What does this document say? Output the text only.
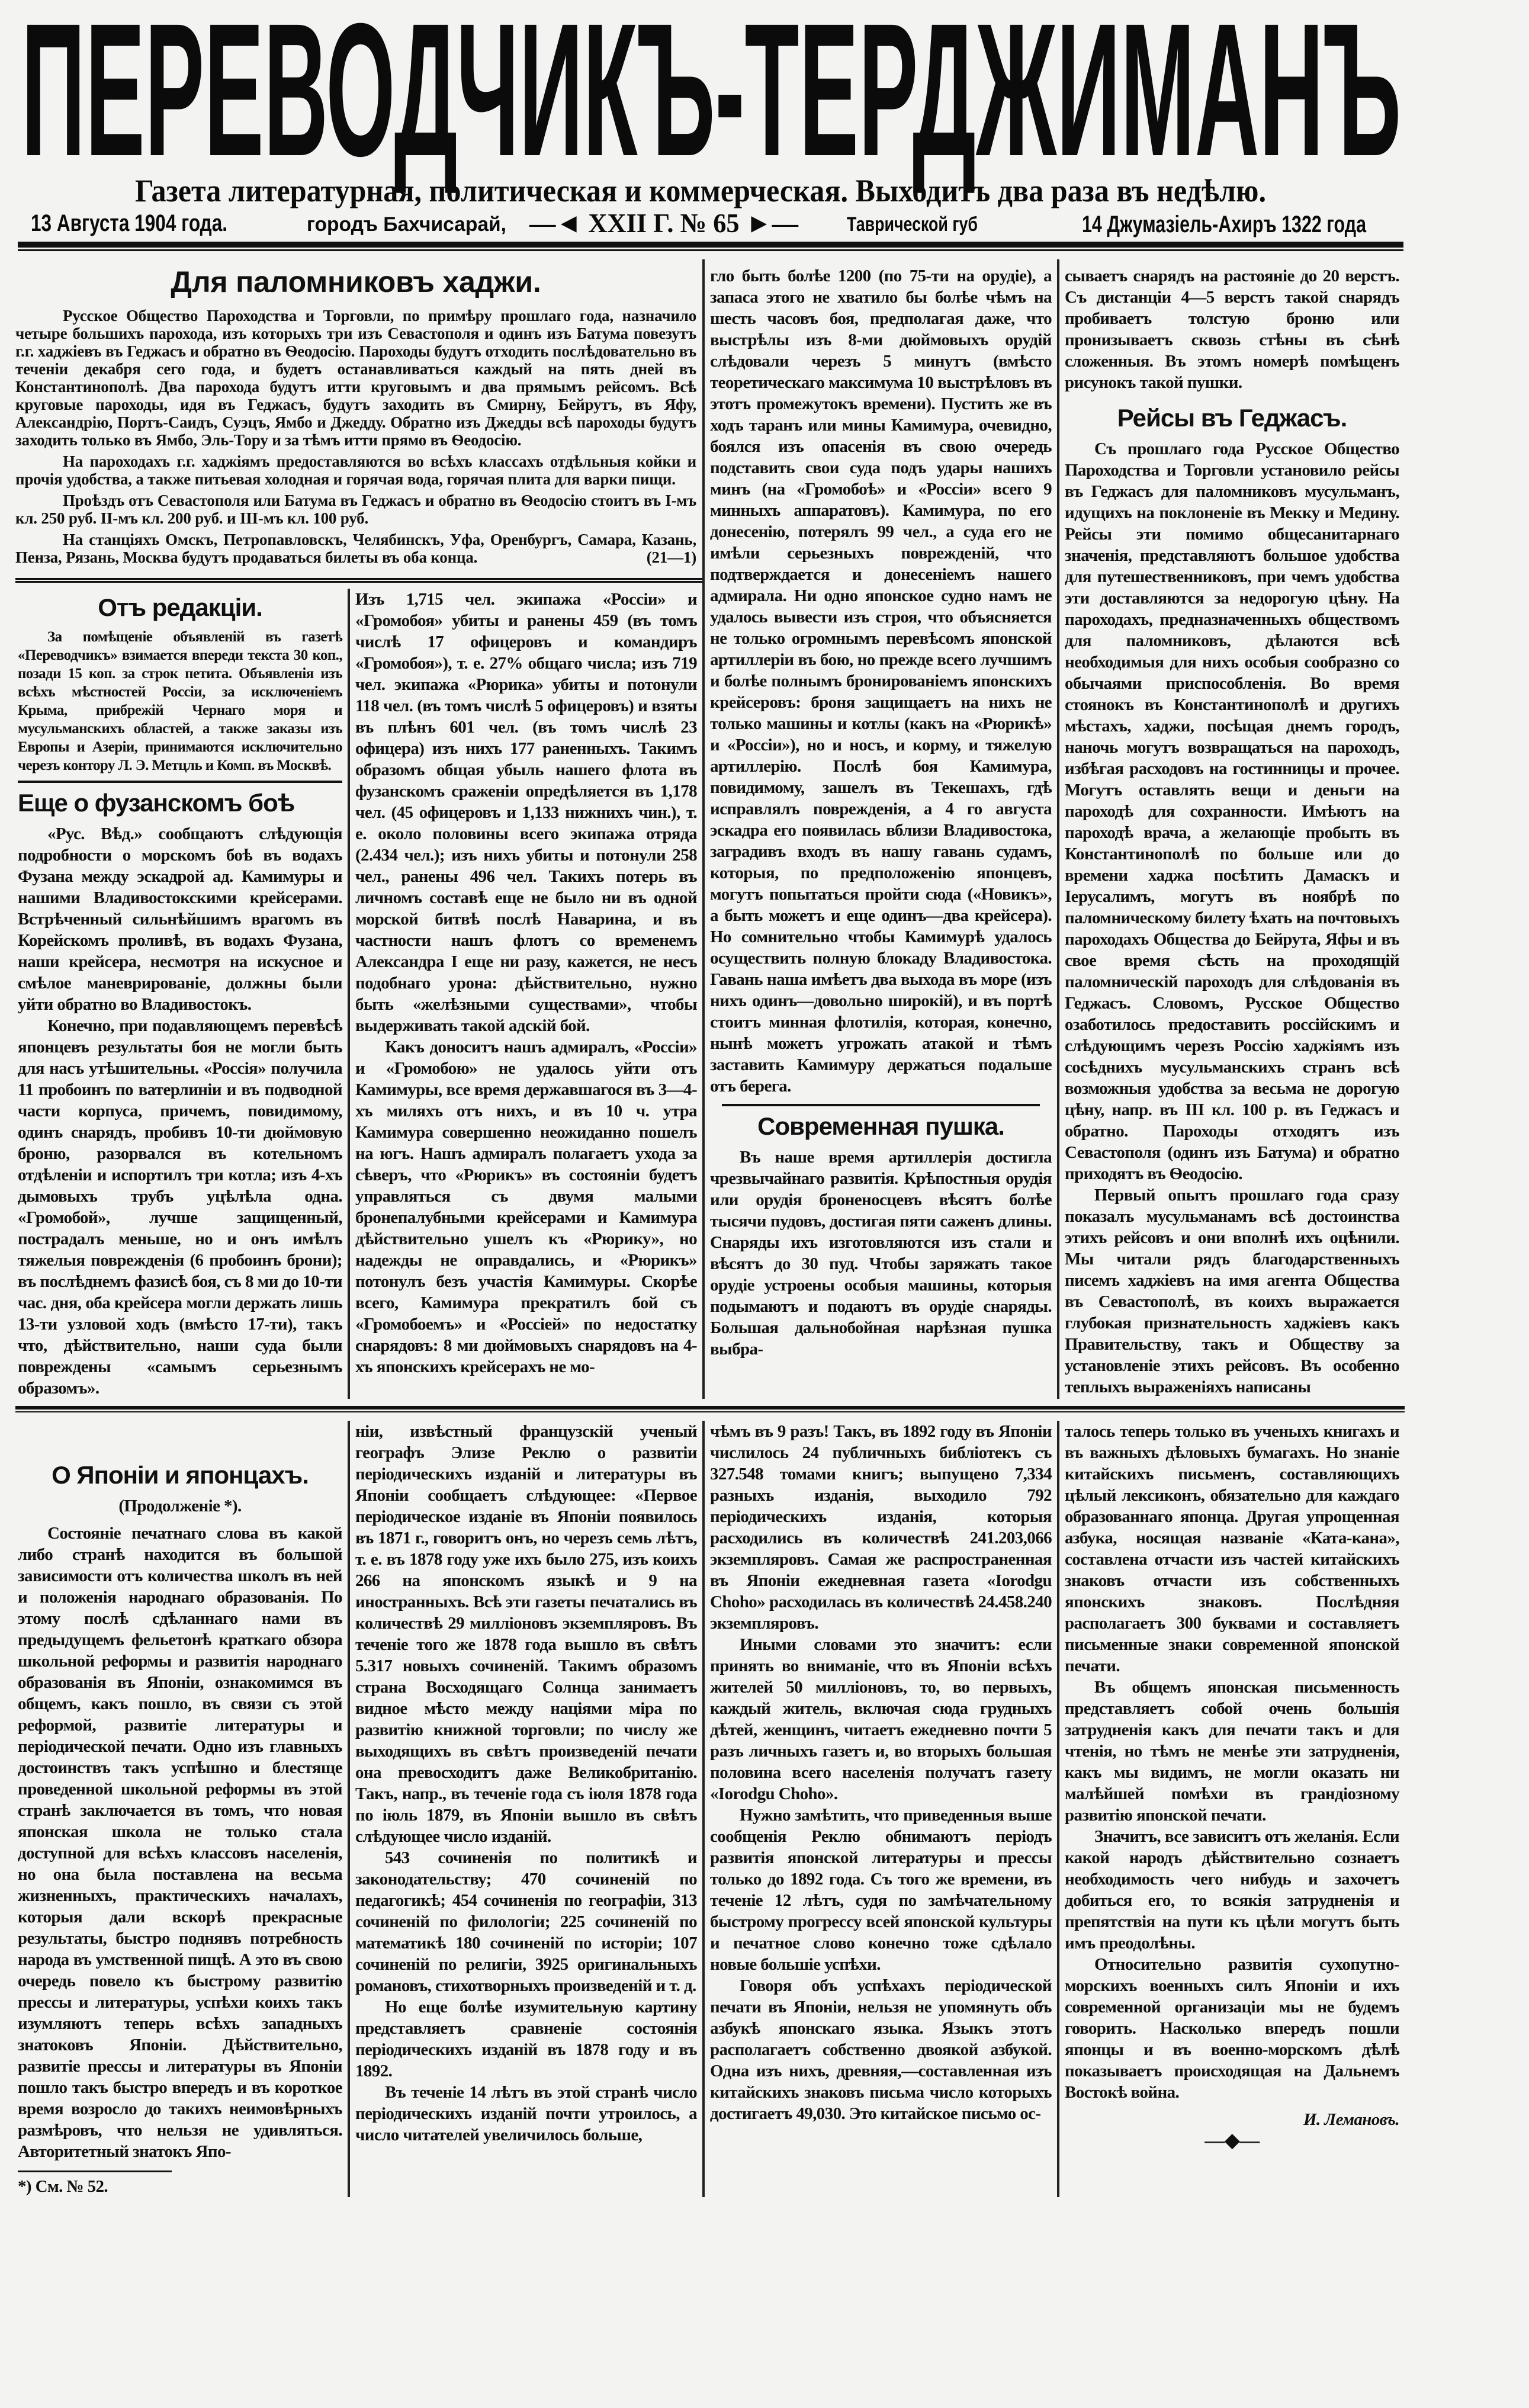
ПЕРЕВОДЧИКЪ-ТЕРДЖИМАНЪ
Газета литературная, политическая и коммерческая. Выходитъ два раза въ недѣлю.
13 Августа 1904 года.	городъ Бахчисарай, —◄ XXII Г. № 65 ►— Таврической губ	14 Джумазіель-Ахиръ 1322 года
Для паломниковъ хаджи.

Русское Общество Пароходства и Торговли, по примѣру прошлаго года, назначило четыре большихъ парохода, изъ которыхъ три изъ Севастополя и одинъ изъ Батума повезутъ г.г. хаджіевъ въ Геджасъ и обратно въ Ѳеодосію. Пароходы будутъ отходить послѣдовательно въ теченіи декабря сего года, и будетъ останавливаться каждый на пять дней въ Константинополѣ. Два парохода будутъ итти круговымъ и два прямымъ рейсомъ. Всѣ круговые пароходы, идя въ Геджасъ, будутъ заходить въ Смирну, Бейрутъ, въ Яфу, Александрію, Портъ-Саидъ, Суэцъ, Ямбо и Джедду. Обратно изъ Джедды всѣ пароходы будутъ заходить только въ Ямбо, Эль-Тору и за тѣмъ итти прямо въ Ѳеодосію.

На пароходахъ г.г. хаджіямъ предоставляются во всѣхъ классахъ отдѣльныя койки и прочія удобства, а также питьевая холодная и горячая вода, горячая плита для варки пищи.

Проѣздъ отъ Севастополя или Батума въ Геджасъ и обратно въ Ѳеодосію стоитъ въ І-мъ кл. 250 руб. ІІ-мъ кл. 200 руб. и ІІІ-мъ кл. 100 руб.

На станціяхъ Омскъ, Петропавловскъ, Челябинскъ, Уфа, Оренбургъ, Самара, Казань, Пенза, Рязань, Москва будутъ продаваться билеты въ оба конца.	(21—1)

Отъ редакціи.

За помѣщеніе объявленій въ газетѣ «Переводчикъ» взимается впереди текста 30 коп., позади 15 коп. за строк петита. Объявленія изъ всѣхъ мѣстностей Россіи, за исключеніемъ Крыма, прибрежій Чернаго моря и мусульманскихъ областей, а также заказы изъ Европы и Азеріи, принимаются исключительно черезъ контору Л. Э. Метцль и Комп. въ Москвѣ.

Еще о фузанскомъ боѣ

«Рус. Вѣд.» сообщаютъ слѣдующія подробности о морскомъ боѣ въ водахъ Фузана между эскадрой ад. Камимуры и нашими Владивостокскими крейсерами. Встрѣченный сильнѣйшимъ врагомъ въ Корейскомъ проливѣ, въ водахъ Фузана, наши крейсера, несмотря на искусное и смѣлое маневрированіе, должны были уйти обратно во Владивостокъ.

Конечно, при подавляющемъ перевѣсѣ японцевъ результаты боя не могли быть для насъ утѣшительны. «Россія» получила 11 пробоинъ по ватерлиніи и въ подводной части корпуса, причемъ, повидимому, одинъ снарядъ, пробивъ 10-ти дюймовую броню, разорвался въ котельномъ отдѣленіи и испортилъ три котла; изъ 4-хъ дымовыхъ трубъ уцѣлѣла одна. «Громобой», лучше защищенный, пострадалъ меньше, но и онъ имѣлъ тяжелыя поврежденія (6 пробоинъ брони); въ послѣднемъ фазисѣ боя, съ 8 ми до 10-ти час. дня, оба крейсера могли держать лишь 13-ти узловой ходъ (вмѣсто 17-ти), такъ что, дѣйствительно, наши суда были повреждены «самымъ серьезнымъ образомъ».

Изъ 1,715 чел. экипажа «Россіи» и «Громобоя» убиты и ранены 459 (въ томъ числѣ 17 офицеровъ и командиръ «Громобоя»), т. е. 27% общаго числа; изъ 719 чел. экипажа «Рюрика» убиты и потонули 118 чел. (въ томъ числѣ 5 офицеровъ) и взяты въ плѣнъ 601 чел. (въ томъ числѣ 23 офицера) изъ нихъ 177 раненныхъ. Такимъ образомъ общая убыль нашего флота въ фузанскомъ сраженіи опредѣляется въ 1,178 чел. (45 офицеровъ и 1,133 нижнихъ чин.), т. е. около половины всего экипажа отряда (2.434 чел.); изъ нихъ убиты и потонули 258 чел., ранены 496 чел. Такихъ потерь въ личномъ составѣ еще не было ни въ одной морской битвѣ послѣ Наварина, и въ частности нашъ флотъ со временемъ Александра І еще ни разу, кажется, не несъ подобнаго урона: дѣйствительно, нужно быть «желѣзными существами», чтобы выдерживать такой адскій бой.

Какъ доноситъ нашъ адмиралъ, «Россіи» и «Громобою» не удалось уйти отъ Камимуры, все время державшагося въ 3—4-хъ миляхъ отъ нихъ, и въ 10 ч. утра Камимура совершенно неожиданно пошелъ на югъ. Нашъ адмиралъ полагаетъ ухода за сѣверъ, что «Рюрикъ» въ состояніи будетъ управляться съ двумя малыми бронепалубными крейсерами и Камимура дѣйствительно ушелъ къ «Рюрику», но надежды не оправдались, и «Рюрикъ» потонулъ безъ участія Камимуры. Скорѣе всего, Камимура прекратилъ бой съ «Громобоемъ» и «Россіей» по недостатку снарядовъ: 8 ми дюймовыхъ снарядовъ на 4-хъ японскихъ крейсерахъ не мо-

гло быть болѣе 1200 (по 75-ти на орудіе), а запаса этого не хватило бы болѣе чѣмъ на шесть часовъ боя, предполагая даже, что выстрѣлы изъ 8-ми дюймовыхъ орудій слѣдовали черезъ 5 минутъ (вмѣсто теоретическаго максимума 10 выстрѣловъ въ этотъ промежутокъ времени). Пустить же въ ходъ таранъ или мины Камимура, очевидно, боялся изъ опасенія въ свою очередь подставить свои суда подъ удары нашихъ минъ (на «Громобоѣ» и «Россіи» всего 9 минныхъ аппаратовъ). Камимура, по его донесенію, потерялъ 99 чел., а суда его не имѣли серьезныхъ поврежденій, что подтверждается и донесеніемъ нашего адмирала. Ни одно японское судно намъ не удалось вывести изъ строя, что объясняется не только огромнымъ перевѣсомъ японской артиллеріи въ бою, но прежде всего лучшимъ и болѣе полнымъ бронированіемъ японскихъ крейсеровъ: броня защищаетъ на нихъ не только машины и котлы (какъ на «Рюрикѣ» и «Россіи»), но и носъ, и корму, и тяжелую артиллерію. Послѣ боя Камимура, повидимому, зашелъ въ Текешахъ, гдѣ исправлялъ поврежденія, а 4 го августа эскадра его появилась вблизи Владивостока, заградивъ входъ въ нашу гавань судамъ, которыя, по предположенію японцевъ, могутъ попытаться пройти сюда («Новикъ», а быть можетъ и еще одинъ—два крейсера). Но сомнительно чтобы Камимурѣ удалось осуществить полную блокаду Владивостока. Гавань наша имѣетъ два выхода въ море (изъ нихъ одинъ—довольно широкій), и въ портѣ стоитъ минная флотилія, которая, конечно, нынѣ можетъ угрожать атакой и тѣмъ заставить Камимуру держаться подальше отъ берега.

Современная пушка.

Въ наше время артиллерія достигла чрезвычайнаго развитія. Крѣпостныя орудія или орудія броненосцевъ вѣсятъ болѣе тысячи пудовъ, достигая пяти саженъ длины. Снаряды ихъ изготовляются изъ стали и вѣсятъ до 30 пуд. Чтобы заряжать такое орудіе устроены особыя машины, которыя подымаютъ и подаютъ въ орудіе снаряды. Большая дальнобойная нарѣзная пушка выбра-

сываетъ снарядъ на растояніе до 20 верстъ. Съ дистанціи 4—5 верстъ такой снарядъ пробиваетъ толстую броню или пронизываетъ сквозь стѣны въ сѣнѣ сложенныя. Въ этомъ номерѣ помѣщенъ рисунокъ такой пушки.

Рейсы въ Геджасъ.

Съ прошлаго года Русское Общество Пароходства и Торговли установило рейсы въ Геджасъ для паломниковъ мусульманъ, идущихъ на поклоненіе въ Мекку и Медину. Рейсы эти помимо общесанитарнаго значенія, представляютъ большое удобства для путешественниковъ, при чемъ удобства эти доставляются за недорогую цѣну. На пароходахъ, предназначенныхъ обществомъ для паломниковъ, дѣлаются всѣ необходимыя для нихъ особыя сообразно со обычаями приспособленія. Во время стоянокъ въ Константинополѣ и другихъ мѣстахъ, хаджи, посѣщая днемъ городъ, наночь могутъ возвращаться на пароходъ, избѣгая расходовъ на гостинницы и прочее. Могутъ оставлять вещи и деньги на пароходѣ для сохранности. Имѣютъ на пароходѣ врача, а желающіе пробыть въ Константинополѣ по больше или до времени хаджа посѣтить Дамаскъ и Іерусалимъ, могутъ въ ноябрѣ по паломническому билету ѣхать на почтовыхъ пароходахъ Общества до Бейрута, Яфы и въ свое время сѣсть на проходящій паломническій пароходъ для слѣдованія въ Геджасъ. Словомъ, Русское Общество озаботилось предоставить россійскимъ и слѣдующимъ черезъ Россію хаджіямъ изъ сосѣднихъ мусульманскихъ странъ всѣ возможныя удобства за весьма не дорогую цѣну, напр. въ ІІІ кл. 100 р. въ Геджасъ и обратно. Пароходы отходятъ изъ Севастополя (одинъ изъ Батума) и обратно приходятъ въ Ѳеодосію.

Первый опытъ прошлаго года сразу показалъ мусульманамъ всѣ достоинства этихъ рейсовъ и они вполнѣ ихъ оцѣнили. Мы читали рядъ благодарственныхъ писемъ хаджіевъ на имя агента Общества въ Севастополѣ, въ коихъ выражается глубокая признательность хаджіевъ какъ Правительству, такъ и Обществу за установленіе этихъ рейсовъ. Въ особенно теплыхъ выраженіяхъ написаны

О Японіи и японцахъ.

(Продолженіе *).

Состояніе печатнаго слова въ какой либо странѣ находится въ большой зависимости отъ количества школъ въ ней и положенія народнаго образованія. По этому послѣ сдѣланнаго нами въ предыдущемъ фельетонѣ краткаго обзора школьной реформы и развитія народнаго образованія въ Японіи, ознакомимся въ общемъ, какъ пошло, въ связи съ этой реформой, развитіе литературы и періодической печати. Одно изъ главныхъ достоинствъ такъ успѣшно и блестяще проведенной школьной реформы въ этой странѣ заключается въ томъ, что новая японская школа не только стала доступной для всѣхъ классовъ населенія, но она была поставлена на весьма жизненныхъ, практическихъ началахъ, которыя дали вскорѣ прекрасные результаты, быстро поднявъ потребность народа въ умственной пищѣ. А это въ свою очередь повело къ быстрому развитію прессы и литературы, успѣхи коихъ такъ изумляютъ теперь всѣхъ западныхъ знатоковъ Японіи. Дѣйствительно, развитіе прессы и литературы въ Японіи пошло такъ быстро впередъ и въ короткое время возросло до такихъ неимовѣрныхъ размѣровъ, что нельзя не удивляться. Авторитетный знатокъ Япо-

*) См. № 52.

ніи, извѣстный французскій ученый географъ Элизе Реклю о развитіи періодическихъ изданій и литературы въ Японіи сообщаетъ слѣдующее: «Первое періодическое изданіе въ Японіи появилось въ 1871 г., говоритъ онъ, но черезъ семь лѣтъ, т. е. въ 1878 году уже ихъ было 275, изъ коихъ 266 на японскомъ языкѣ и 9 на иностранныхъ. Всѣ эти газеты печатались въ количествѣ 29 милліоновъ экземпляровъ. Въ теченіе того же 1878 года вышло въ свѣтъ 5.317 новыхъ сочиненій. Такимъ образомъ страна Восходящаго Солнца занимаетъ видное мѣсто между націями міра по развитію книжной торговли; по числу же выходящихъ въ свѣтъ произведеній печати она превосходитъ даже Великобританію. Такъ, напр., въ теченіе года съ іюля 1878 года по іюль 1879, въ Японіи вышло въ свѣтъ слѣдующее число изданій.

543 сочиненія по политикѣ и законодательству; 470 сочиненій по педагогикѣ; 454 сочиненія по географіи, 313 сочиненій по филологіи; 225 сочиненій по математикѣ 180 сочиненій по исторіи; 107 сочиненій по религіи, 3925 оригинальныхъ романовъ, стихотворныхъ произведеній и т. д.

Но еще болѣе изумительную картину представляетъ сравненіе состоянія періодическихъ изданій въ 1878 году и въ 1892.

Въ теченіе 14 лѣтъ въ этой странѣ число періодическихъ изданій почти утроилось, а число читателей увеличилось больше,

чѣмъ въ 9 разъ! Такъ, въ 1892 году въ Японіи числилось 24 публичныхъ библіотекъ съ 327.548 томами книгъ; выпущено 7,334 разныхъ изданія, выходило 792 періодическихъ изданія, которыя расходились въ количествѣ 241.203,066 экземпляровъ. Самая же распространенная въ Японіи ежедневная газета «Iorodgu Choho» расходилась въ количествѣ 24.458.240 экземпляровъ.

Иными словами это значитъ: если принять во вниманіе, что въ Японіи всѣхъ жителей 50 милліоновъ, то, во первыхъ, каждый житель, включая сюда грудныхъ дѣтей, женщинъ, читаетъ ежедневно почти 5 разъ личныхъ газетъ и, во вторыхъ большая половина всего населенія получатъ газету «Iorodgu Choho».

Нужно замѣтить, что приведенныя выше сообщенія Реклю обнимаютъ періодъ развитія японской литературы и прессы только до 1892 года. Съ того же времени, въ теченіе 12 лѣтъ, судя по замѣчательному быстрому прогрессу всей японской культуры и печатное слово конечно тоже сдѣлало новые большіе успѣхи.

Говоря объ успѣхахъ періодической печати въ Японіи, нельзя не упомянуть объ азбукѣ японскаго языка. Языкъ этотъ располагаетъ собственно двоякой азбукой. Одна изъ нихъ, древняя,—составленная изъ китайскихъ знаковъ письма число которыхъ достигаетъ 49,030. Это китайское письмо ос-

талось теперь только въ ученыхъ книгахъ и въ важныхъ дѣловыхъ бумагахъ. Но знаніе китайскихъ письменъ, составляющихъ цѣлый лексиконъ, обязательно для каждаго образованнаго японца. Другая упрощенная азбука, носящая названіе «Ката-кана», составлена отчасти изъ частей китайскихъ знаковъ отчасти изъ собственныхъ японскихъ знаковъ. Послѣдняя располагаетъ 300 буквами и составляетъ письменные знаки современной японской печати.

Въ общемъ японская письменность представляетъ собой очень большія затрудненія какъ для печати такъ и для чтенія, но тѣмъ не менѣе эти затрудненія, какъ мы видимъ, не могли оказать ни малѣйшей помѣхи въ грандіозному развитію японской печати.

Значитъ, все зависитъ отъ желанія. Если какой народъ дѣйствительно сознаетъ необходимость чего нибудь и захочетъ добиться его, то всякія затрудненія и препятствія на пути къ цѣли могутъ быть имъ преодолѣны.

Относительно развитія сухопутно-морскихъ военныхъ силъ Японіи и ихъ современной организаціи мы не будемъ говорить. Насколько впередъ пошли японцы и въ военно-морскомъ дѣлѣ показываетъ происходящая на Дальнемъ Востокѣ война.

И. Лемановъ.

—◆—
